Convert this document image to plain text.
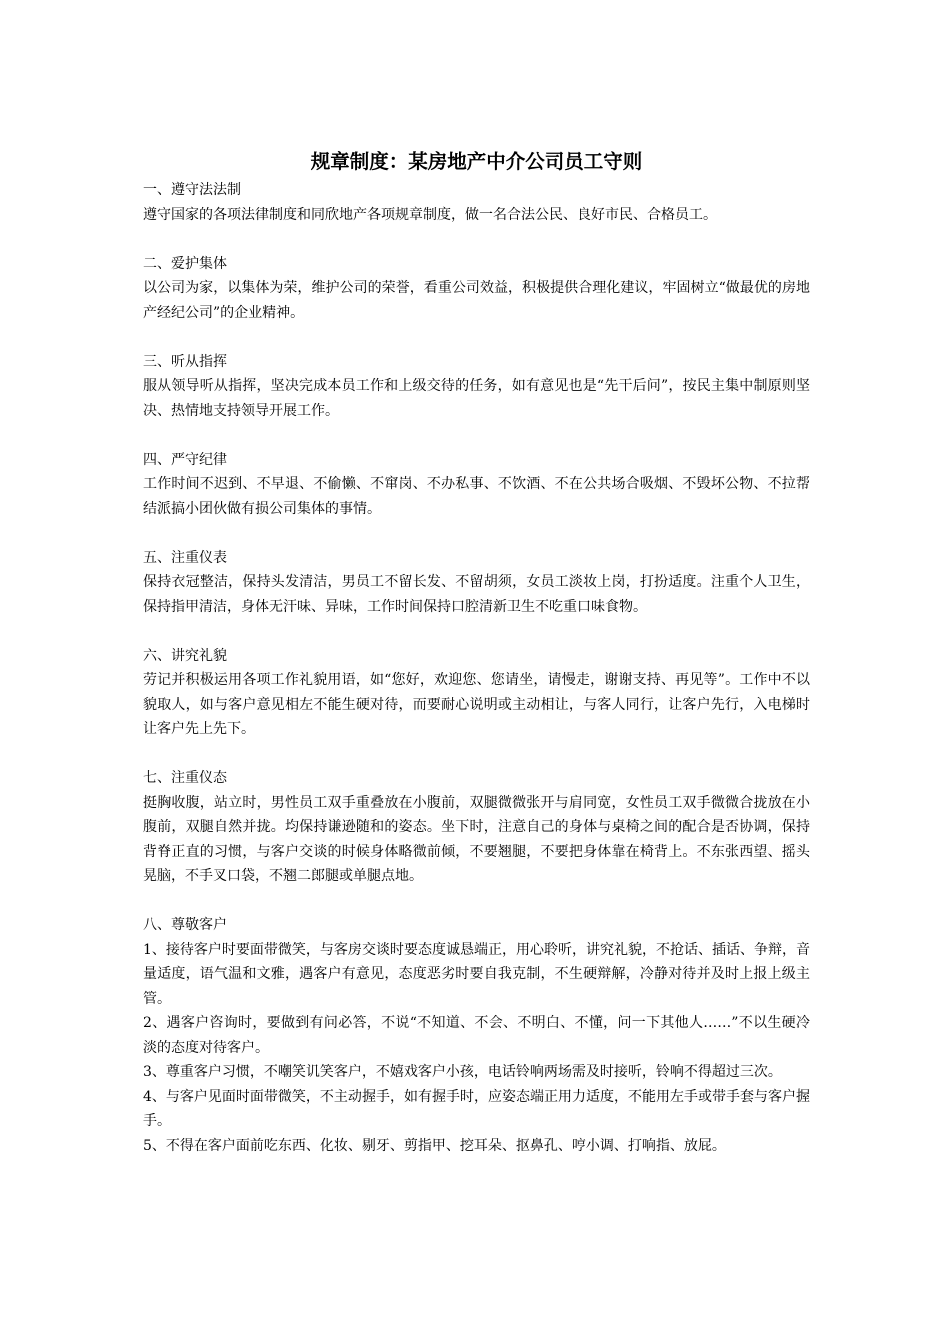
规章制度：某房地产中介公司员工守则

一、遵守法法制

遵守国家的各项法律制度和同欣地产各项规章制度，做一名合法公民、良好市民、合格员工。

二、爱护集体

以公司为家，以集体为荣，维护公司的荣誉，看重公司效益，积极提供合理化建议，牢固树立“做最优的房地产经纪公司”的企业精神。

三、听从指挥

服从领导听从指挥，坚决完成本员工作和上级交待的任务，如有意见也是“先干后问”，按民主集中制原则坚决、热情地支持领导开展工作。

四、严守纪律

工作时间不迟到、不早退、不偷懒、不窜岗、不办私事、不饮酒、不在公共场合吸烟、不毁坏公物、不拉帮结派搞小团伙做有损公司集体的事情。

五、注重仪表

保持衣冠整洁，保持头发清洁，男员工不留长发、不留胡须，女员工淡妆上岗，打扮适度。注重个人卫生，保持指甲清洁，身体无汗味、异味，工作时间保持口腔清新卫生不吃重口味食物。

六、讲究礼貌

劳记并积极运用各项工作礼貌用语，如“您好，欢迎您、您请坐，请慢走，谢谢支持、再见等”。工作中不以貌取人，如与客户意见相左不能生硬对待，而要耐心说明或主动相让，与客人同行，让客户先行，入电梯时让客户先上先下。

七、注重仪态

挺胸收腹，站立时，男性员工双手重叠放在小腹前，双腿微微张开与肩同宽，女性员工双手微微合拢放在小腹前，双腿自然并拢。均保持谦逊随和的姿态。坐下时，注意自己的身体与桌椅之间的配合是否协调，保持背脊正直的习惯，与客户交谈的时候身体略微前倾，不要翘腿，不要把身体靠在椅背上。不东张西望、摇头晃脑，不手叉口袋，不翘二郎腿或单腿点地。

八、尊敬客户

1、接待客户时要面带微笑，与客房交谈时要态度诚恳端正，用心聆听，讲究礼貌，不抢话、插话、争辩，音量适度，语气温和文雅，遇客户有意见，态度恶劣时要自我克制，不生硬辩解，冷静对待并及时上报上级主管。

2、遇客户咨询时，要做到有问必答，不说“不知道、不会、不明白、不懂，问一下其他人……”不以生硬冷淡的态度对待客户。

3、尊重客户习惯，不嘲笑讥笑客户，不嬉戏客户小孩，电话铃响两场需及时接听，铃响不得超过三次。

4、与客户见面时面带微笑，不主动握手，如有握手时，应姿态端正用力适度，不能用左手或带手套与客户握手。

5、不得在客户面前吃东西、化妆、剔牙、剪指甲、挖耳朵、抠鼻孔、哼小调、打响指、放屁。
